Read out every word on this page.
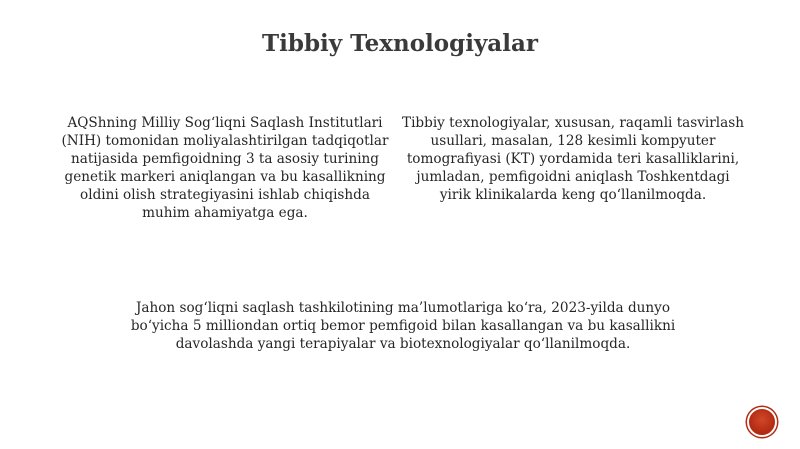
Tibbiy Texnologiyalar

AQShning Milliy Sog‘liqni Saqlash Institutlari (NIH) tomonidan moliyalashtirilgan tadqiqotlar natijasida pemfigoidning 3 ta asosiy turining genetik markeri aniqlangan va bu kasallikning oldini olish strategiyasini ishlab chiqishda muhim ahamiyatga ega.

Tibbiy texnologiyalar, xususan, raqamli tasvirlash usullari, masalan, 128 kesimli kompyuter tomografiyasi (KT) yordamida teri kasalliklarini, jumladan, pemfigoidni aniqlash Toshkentdagi yirik klinikalarda keng qo‘llanilmoqda.

Jahon sog‘liqni saqlash tashkilotining ma’lumotlariga ko‘ra, 2023-yilda dunyo bo‘yicha 5 milliondan ortiq bemor pemfigoid bilan kasallangan va bu kasallikni davolashda yangi terapiyalar va biotexnologiyalar qo‘llanilmoqda.
